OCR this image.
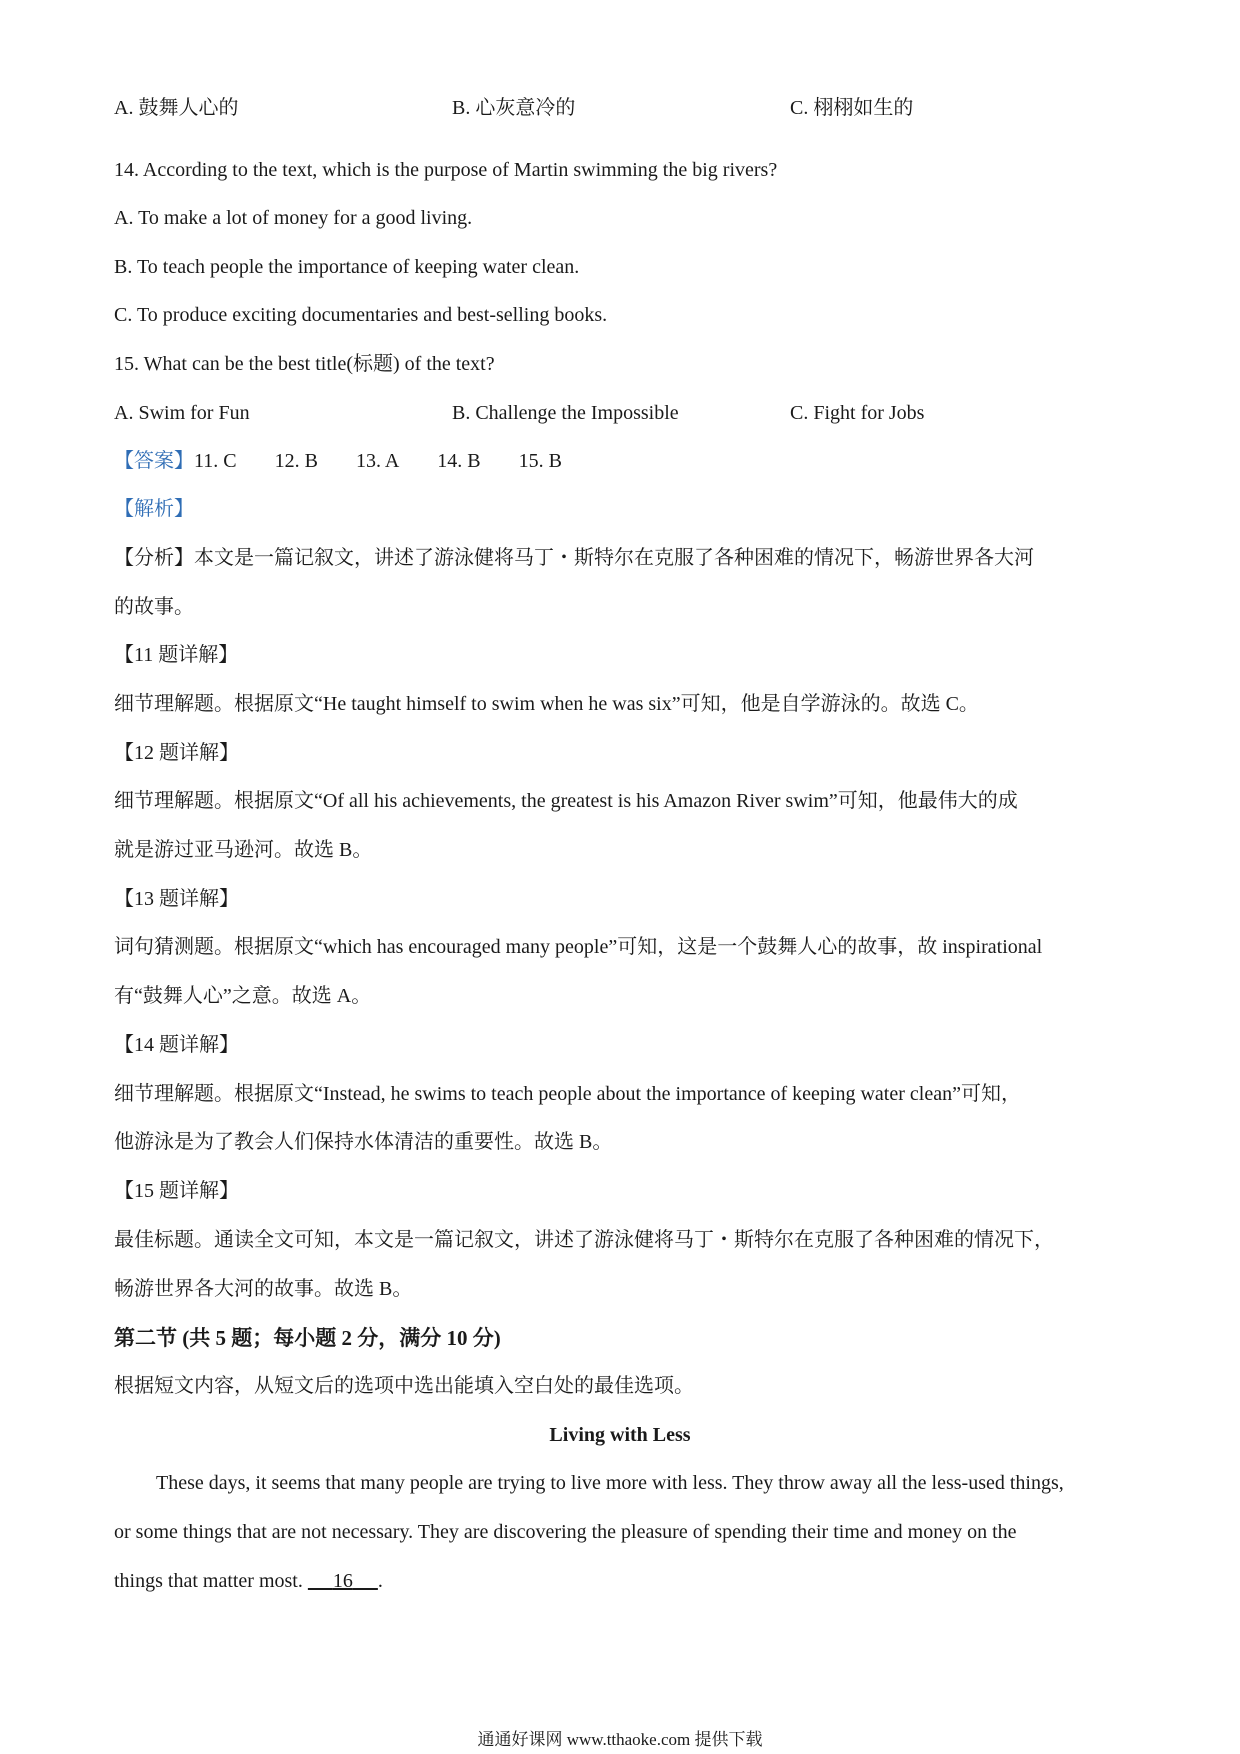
A. 鼓舞人心的	B. 心灰意冷的	C. 栩栩如生的
14. According to the text, which is the purpose of Martin swimming the big rivers?
A. To make a lot of money for a good living.
B. To teach people the importance of keeping water clean.
C. To produce exciting documentaries and best-selling books.
15. What can be the best title(标题) of the text?
A. Swim for Fun	B. Challenge the Impossible	C. Fight for Jobs
【答案】11. C 12. B 13. A 14. B 15. B
【解析】
【分析】本文是一篇记叙文，讲述了游泳健将马丁・斯特尔在克服了各种困难的情况下，畅游世界各大河
的故事。
【11 题详解】
细节理解题。根据原文“He taught himself to swim when he was six”可知，他是自学游泳的。故选 C。
【12 题详解】
细节理解题。根据原文“Of all his achievements, the greatest is his Amazon River swim”可知，他最伟大的成
就是游过亚马逊河。故选 B。
【13 题详解】
词句猜测题。根据原文“which has encouraged many people”可知，这是一个鼓舞人心的故事，故 inspirational
有“鼓舞人心”之意。故选 A。
【14 题详解】
细节理解题。根据原文“Instead, he swims to teach people about the importance of keeping water clean”可知，
他游泳是为了教会人们保持水体清洁的重要性。故选 B。
【15 题详解】
最佳标题。通读全文可知，本文是一篇记叙文，讲述了游泳健将马丁・斯特尔在克服了各种困难的情况下，
畅游世界各大河的故事。故选 B。
第二节 (共 5 题；每小题 2 分，满分 10 分)
根据短文内容，从短文后的选项中选出能填入空白处的最佳选项。
Living with Less
These days, it seems that many people are trying to live more with less. They throw away all the less-used things,
or some things that are not necessary. They are discovering the pleasure of spending their time and money on the
things that matter most. 16 .
通通好课网 www.tthaoke.com 提供下载
